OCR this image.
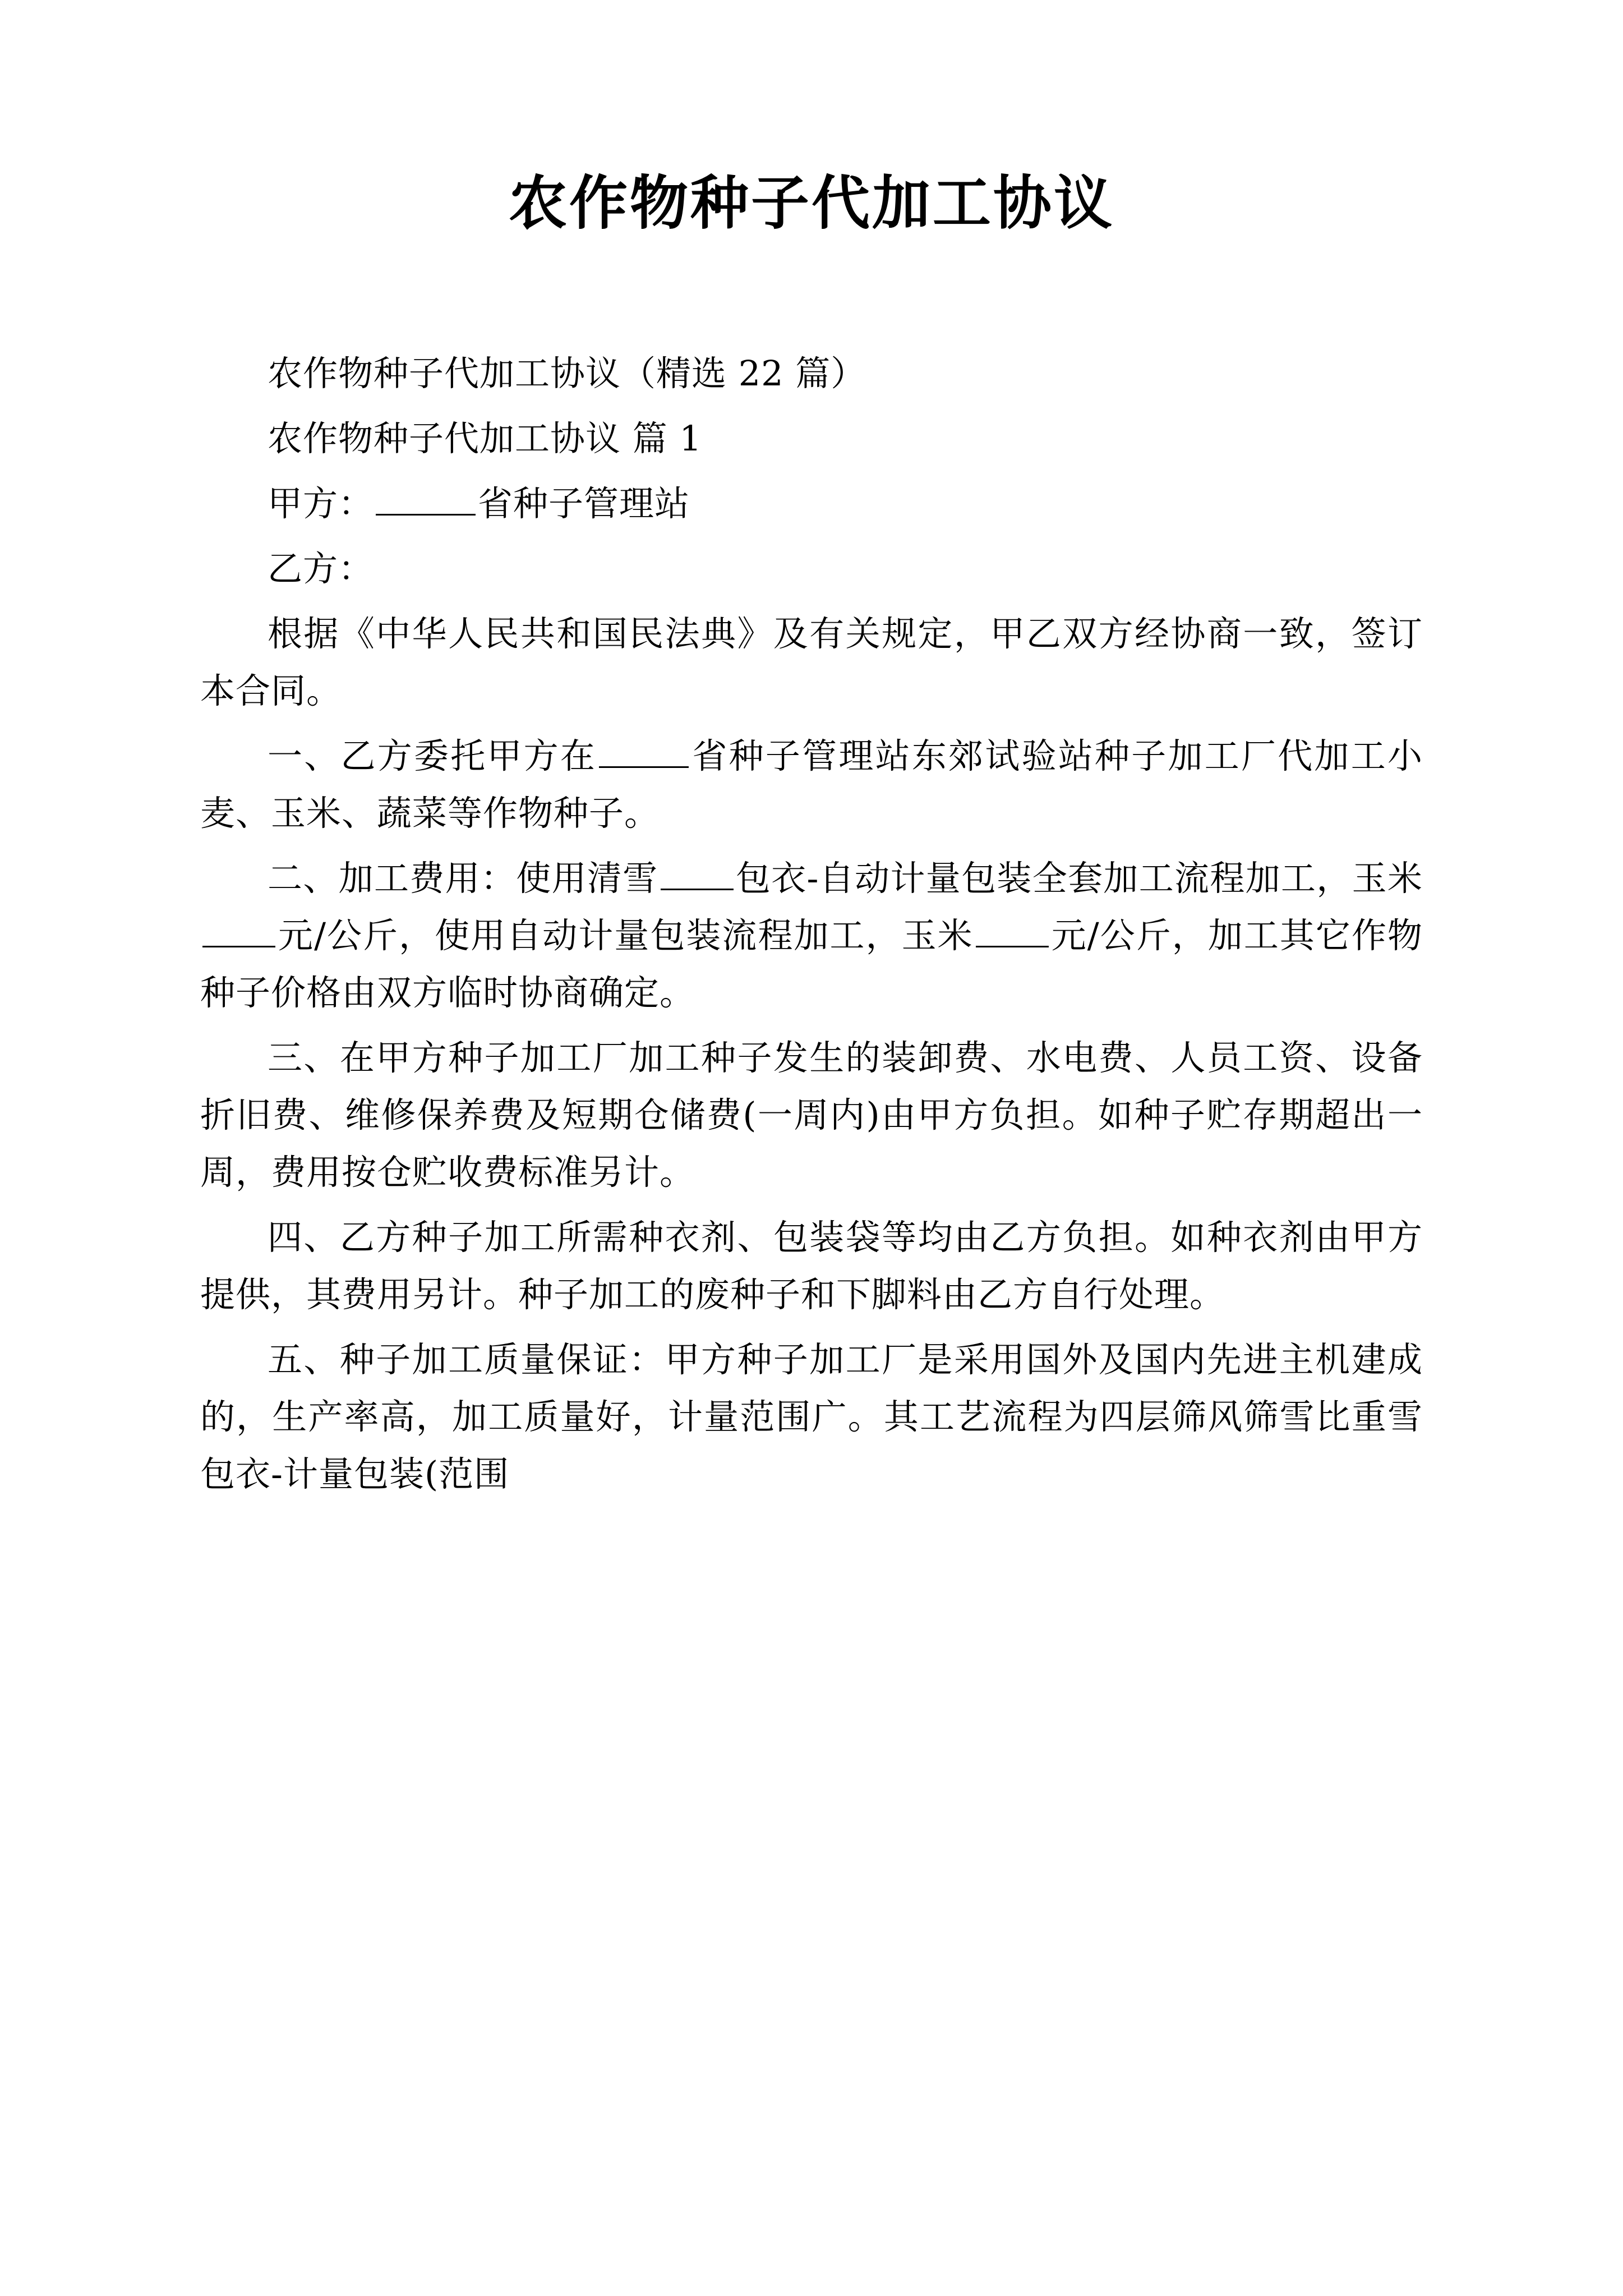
农作物种子代加工协议

农作物种子代加工协议（精选 22 篇）

农作物种子代加工协议 篇 1

甲方：	省种子管理站

乙方：

根据《中华人民共和国民法典》及有关规定，甲乙双方经协商一致，签订本合同。

一、乙方委托甲方在	省种子管理站东郊试验站种子加工厂代加工小麦、玉米、蔬菜等作物种子。

二、加工费用：使用清雪 包衣-自动计量包装全套加工流程加工，玉米元/公斤，使用自动计量包装流程加工，玉米 元/公斤，加工其它作物种子价格由双方临时协商确定。

三、在甲方种子加工厂加工种子发生的装卸费、水电费、人员工资、设备折旧费、维修保养费及短期仓储费(一周内)由甲方负担。如种子贮存期超出一周，费用按仓贮收费标准另计。

四、乙方种子加工所需种衣剂、包装袋等均由乙方负担。如种衣剂由甲方提供，其费用另计。种子加工的废种子和下脚料由乙方自行处理。

五、种子加工质量保证：甲方种子加工厂是采用国外及国内先进主机建成的，生产率高，加工质量好，计量范围广。其工艺流程为四层筛风筛雪比重雪包衣-计量包装(范围
